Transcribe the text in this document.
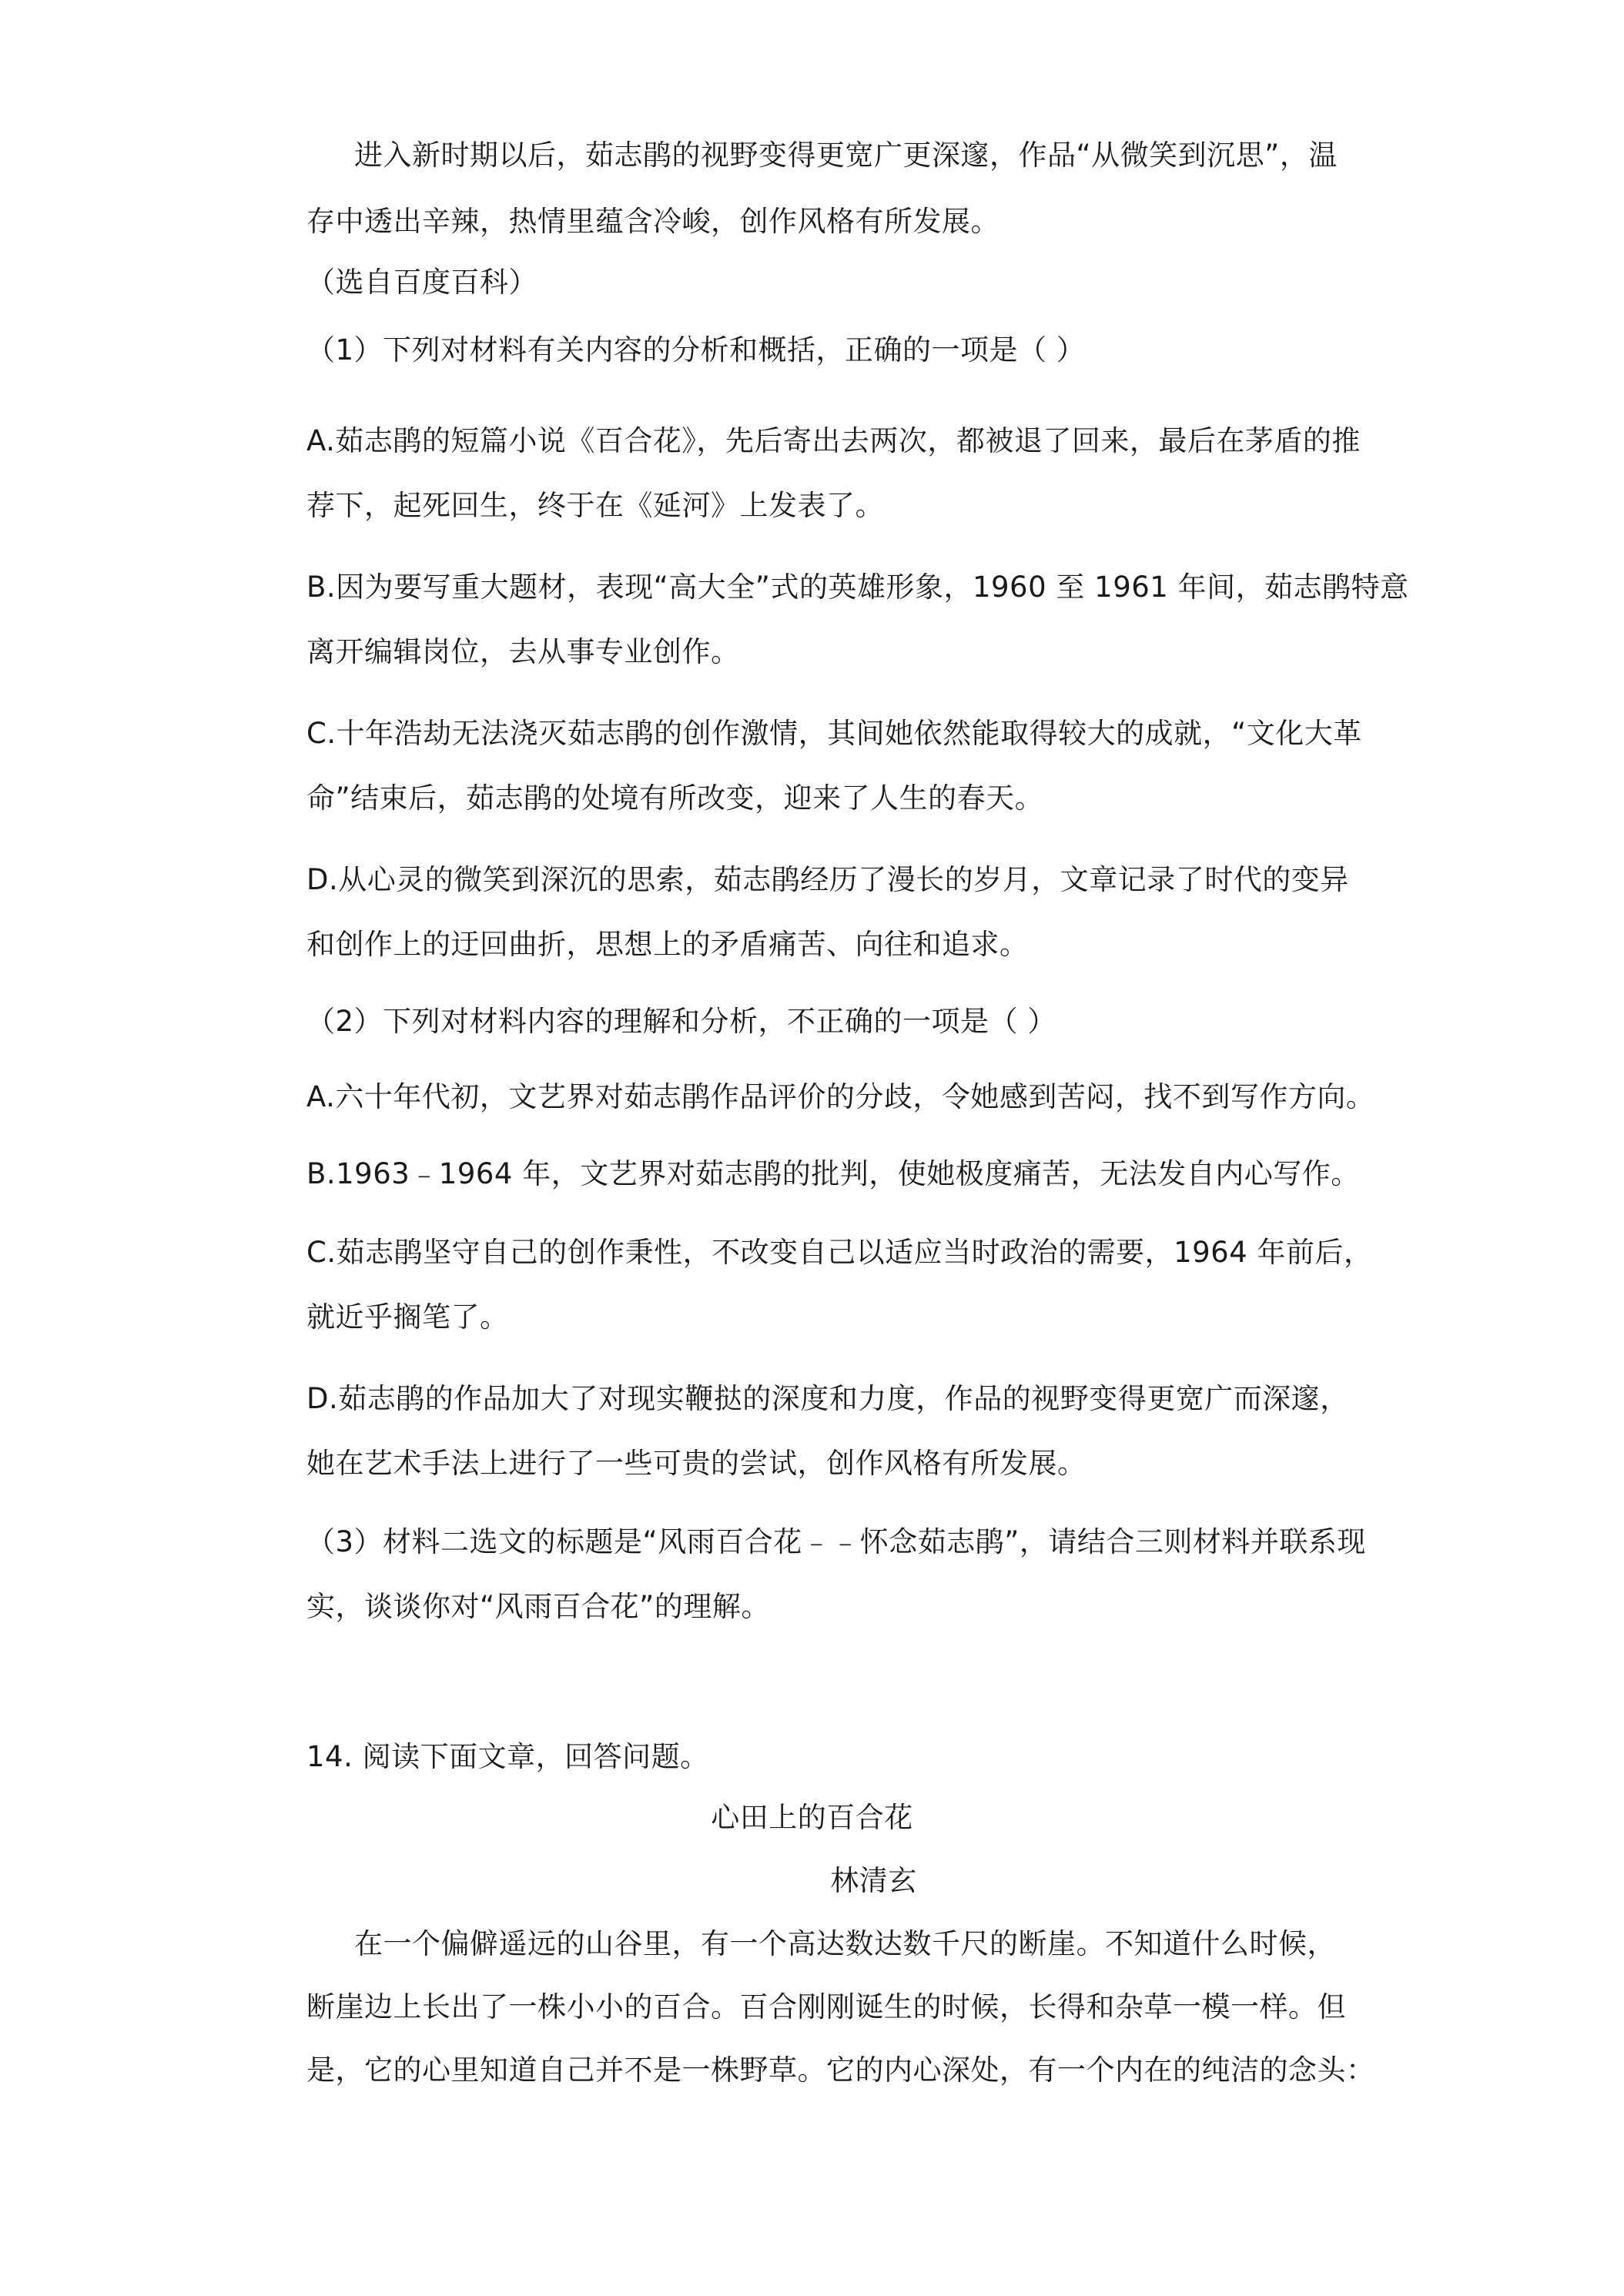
进入新时期以后，茹志鹃的视野变得更宽广更深邃，作品“从微笑到沉思”，温
存中透出辛辣，热情里蕴含冷峻，创作风格有所发展。
（选自百度百科）
（1）下列对材料有关内容的分析和概括，正确的一项是（ ）
A.茹志鹃的短篇小说《百合花》，先后寄出去两次，都被退了回来，最后在茅盾的推
荐下，起死回生，终于在《延河》上发表了。
B.因为要写重大题材，表现“高大全”式的英雄形象，1960 至 1961 年间，茹志鹃特意
离开编辑岗位，去从事专业创作。
C.十年浩劫无法浇灭茹志鹃的创作激情，其间她依然能取得较大的成就，“文化大革
命”结束后，茹志鹃的处境有所改变，迎来了人生的春天。
D.从心灵的微笑到深沉的思索，茹志鹃经历了漫长的岁月，文章记录了时代的变异
和创作上的迂回曲折，思想上的矛盾痛苦、向往和追求。
（2）下列对材料内容的理解和分析，不正确的一项是（ ）
A.六十年代初，文艺界对茹志鹃作品评价的分歧，令她感到苦闷，找不到写作方向。
B.1963﹣1964 年，文艺界对茹志鹃的批判，使她极度痛苦，无法发自内心写作。
C.茹志鹃坚守自己的创作秉性，不改变自己以适应当时政治的需要，1964 年前后，
就近乎搁笔了。
D.茹志鹃的作品加大了对现实鞭挞的深度和力度，作品的视野变得更宽广而深邃，
她在艺术手法上进行了一些可贵的尝试，创作风格有所发展。
（3）材料二选文的标题是“风雨百合花﹣﹣怀念茹志鹃”，请结合三则材料并联系现
实，谈谈你对“风雨百合花”的理解。
14. 阅读下面文章，回答问题。
心田上的百合花
林清玄
在一个偏僻遥远的山谷里，有一个高达数达数千尺的断崖。不知道什么时候，
断崖边上长出了一株小小的百合。百合刚刚诞生的时候，长得和杂草一模一样。但
是，它的心里知道自己并不是一株野草。它的内心深处，有一个内在的纯洁的念头：
